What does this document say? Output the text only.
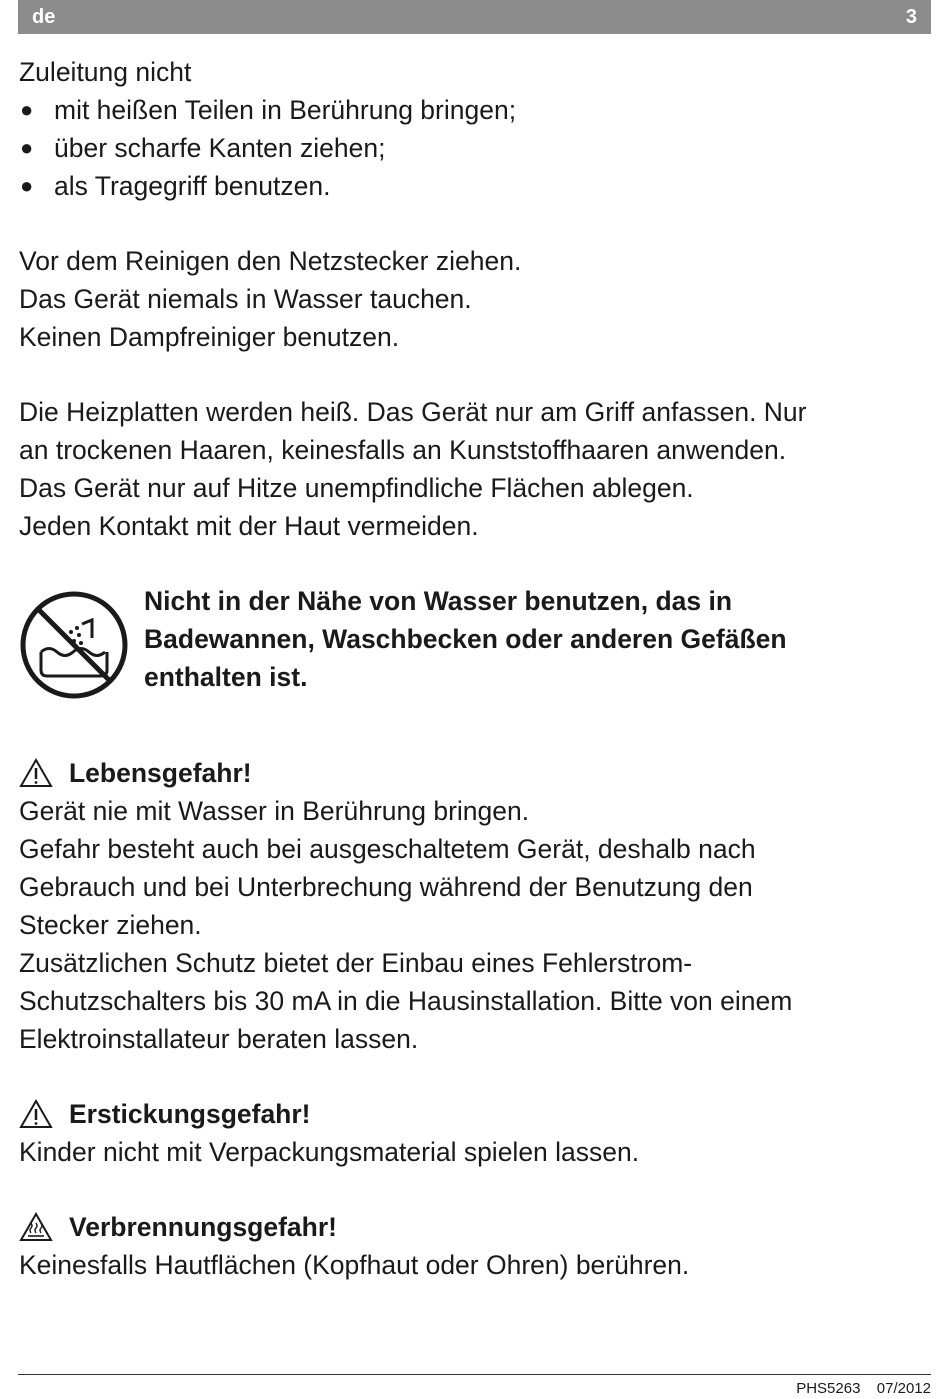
de	3

Zuleitung nicht

● mit heißen Teilen in Berührung bringen;
● über scharfe Kanten ziehen;
● als Tragegriff benutzen.

Vor dem Reinigen den Netzstecker ziehen.

Das Gerät niemals in Wasser tauchen.

Keinen Dampfreiniger benutzen.

Die Heizplatten werden heiß. Das Gerät nur am Griff anfassen. Nur

an trockenen Haaren, keinesfalls an Kunststoffhaaren anwenden.

Das Gerät nur auf Hitze unempfindliche Flächen ablegen.

Jeden Kontakt mit der Haut vermeiden.

Nicht in der Nähe von Wasser benutzen, das in

Badewannen, Waschbecken oder anderen Gefäßen

enthalten ist.

Lebensgefahr!

Gerät nie mit Wasser in Berührung bringen.

Gefahr besteht auch bei ausgeschaltetem Gerät, deshalb nach

Gebrauch und bei Unterbrechung während der Benutzung den

Stecker ziehen.

Zusätzlichen Schutz bietet der Einbau eines Fehlerstrom-

Schutzschalters bis 30 mA in die Hausinstallation. Bitte von einem

Elektroinstallateur beraten lassen.

Erstickungsgefahr!

Kinder nicht mit Verpackungsmaterial spielen lassen.

Verbrennungsgefahr!

Keinesfalls Hautflächen (Kopfhaut oder Ohren) berühren.

PHS5263 07/2012
